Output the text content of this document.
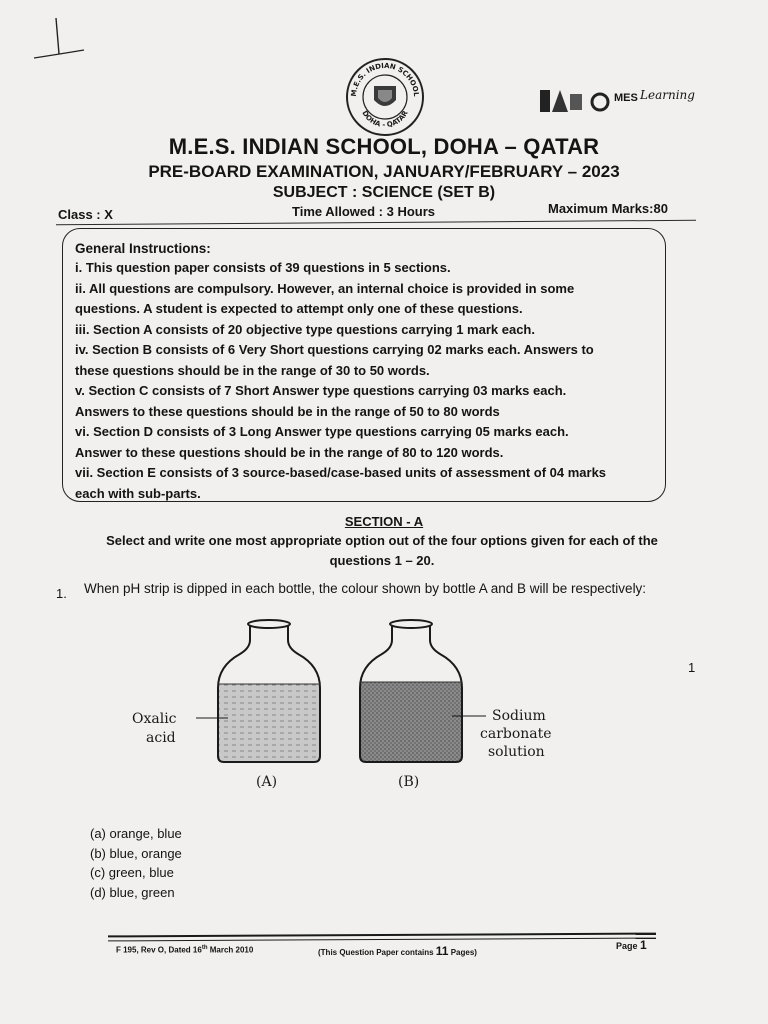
M.E.S. INDIAN SCHOOL
DOHA - QATAR
MES Learning
M.E.S. INDIAN SCHOOL, DOHA – QATAR
PRE-BOARD EXAMINATION, JANUARY/FEBRUARY – 2023
SUBJECT : SCIENCE (SET B)
Class : X	Time Allowed : 3 Hours	Maximum Marks:80
General Instructions:
i. This question paper consists of 39 questions in 5 sections.
ii. All questions are compulsory. However, an internal choice is provided in some
questions. A student is expected to attempt only one of these questions.
iii. Section A consists of 20 objective type questions carrying 1 mark each.
iv. Section B consists of 6 Very Short questions carrying 02 marks each. Answers to
these questions should be in the range of 30 to 50 words.
v. Section C consists of 7 Short Answer type questions carrying 03 marks each.
Answers to these questions should be in the range of 50 to 80 words
vi. Section D consists of 3 Long Answer type questions carrying 05 marks each.
Answer to these questions should be in the range of 80 to 120 words.
vii. Section E consists of 3 source-based/case-based units of assessment of 04 marks
each with sub-parts.
SECTION - A
Select and write one most appropriate option out of the four options given for each of the questions 1 – 20.
1. When pH strip is dipped in each bottle, the colour shown by bottle A and B will be respectively:
1
Oxalic
acid
Sodium
carbonate
solution
(A)	(B)
(a) orange, blue
(b) blue, orange
(c) green, blue
(d) blue, green
F 195, Rev O, Dated 16th March 2010	(This Question Paper contains 11 Pages)
Page 1
